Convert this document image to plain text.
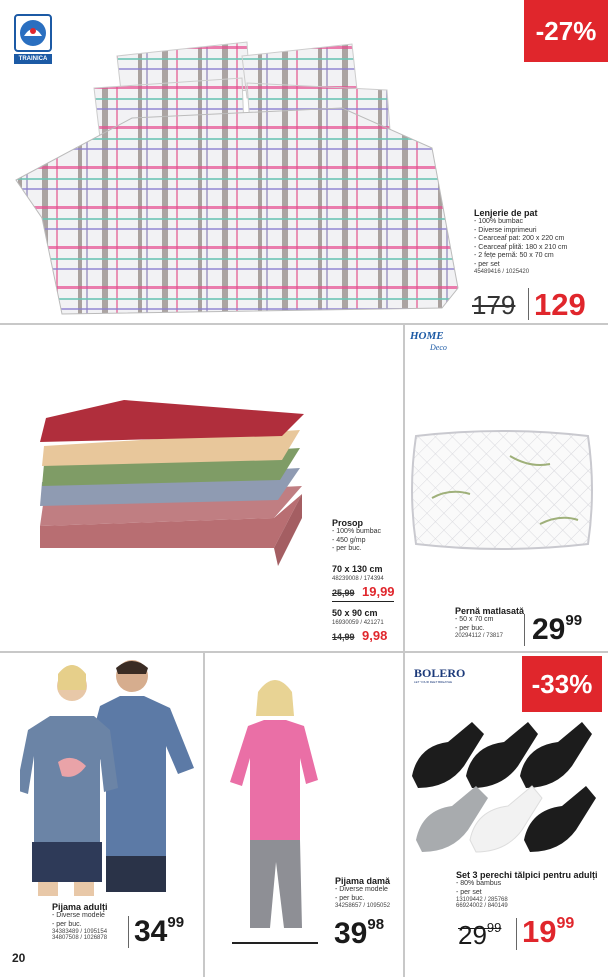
TRAINICA
-27%
Lenjerie de pat
- 100% bumbac
- Diverse imprimeuri
- Cearceaf pat: 200 x 220 cm
- Cearceaf plită: 180 x 210 cm
- 2 fețe pernă: 50 x 70 cm
- per set
45489416 / 1025420
179 129
Prosop
- 100% bumbac
- 450 g/mp
- per buc.
70 x 130 cm
48239008 / 174394
25,99 19,99
50 x 90 cm
16930059 / 421271
14,99 9,98
HOME
Deco
Pernă matlasată
- 50 x 70 cm
- per buc.
20294112 / 73817 $29^{99}$
Pijama adulți
- Diverse modele
- per buc.
34383489 / 1095154
34807508 / 1026878 $34^{99}$
20
Pijama damă
- Diverse modele
- per buc.
34258657 / 1095052
$39^{98}$
BOLERO
LET YOUR FEET BREATHE	-33%
Set 3 perechi tălpici pentru adulți
- 80% bambus
- per set
13109442 / 285768
66924002 / 840149
$29^{99}$ $19^{99}$
